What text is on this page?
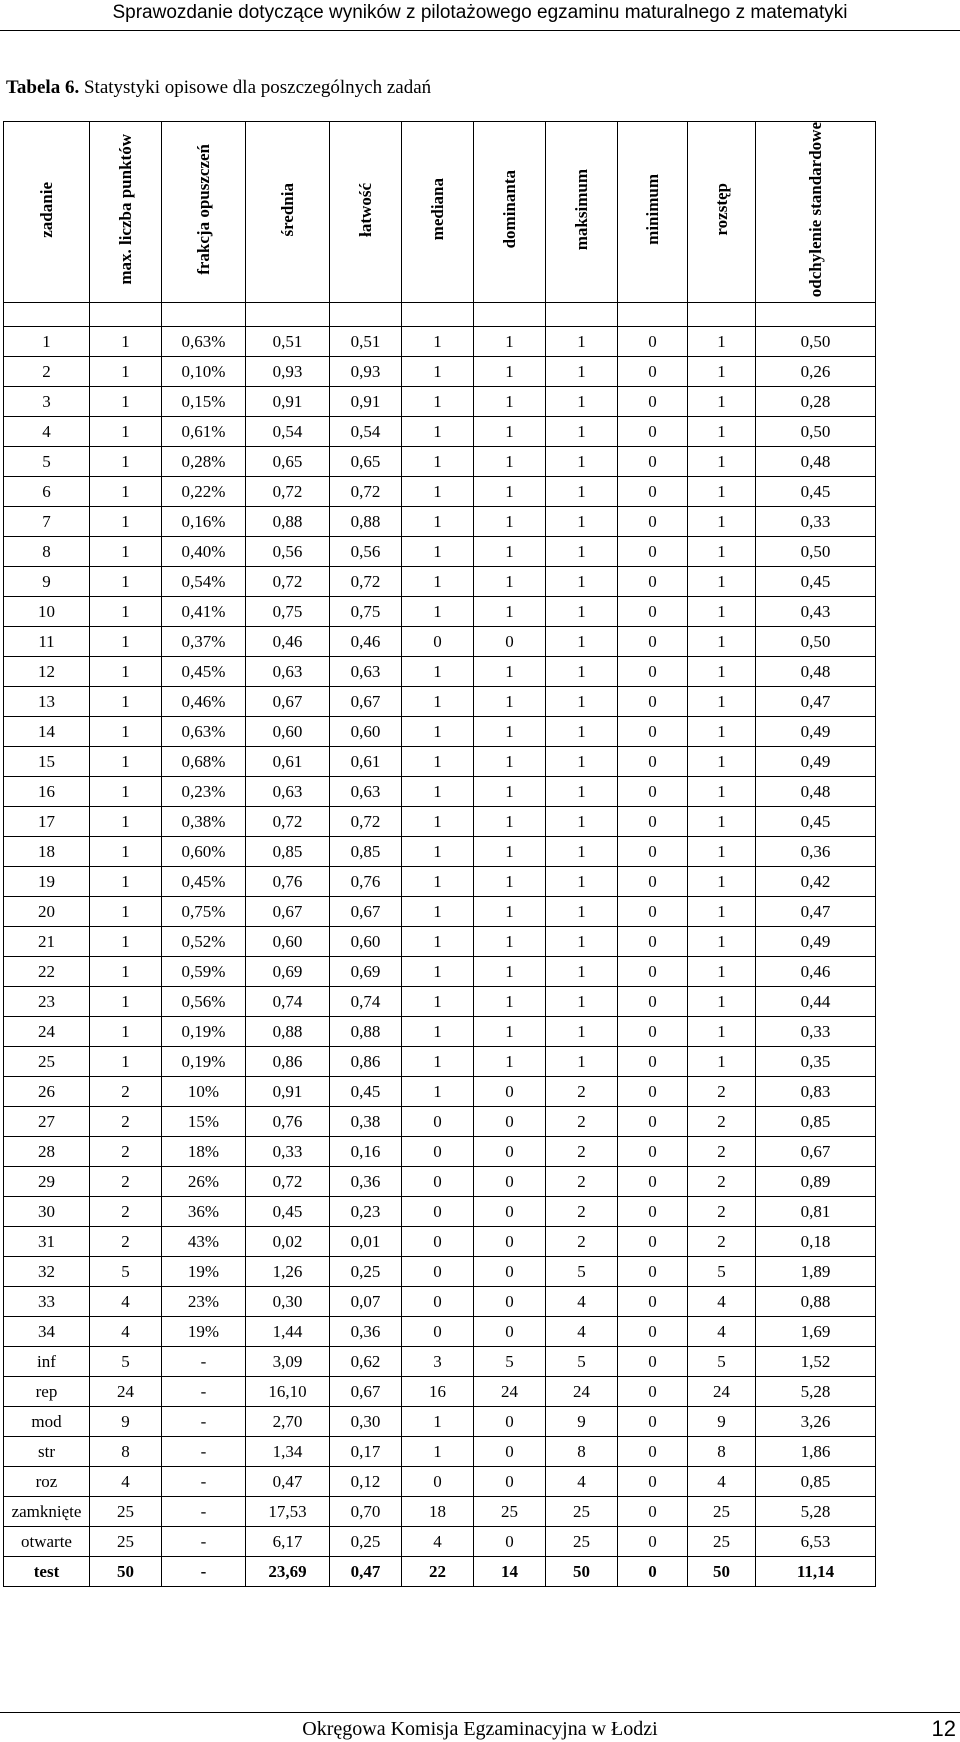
Sprawozdanie dotyczące wyników z pilotażowego egzaminu maturalnego z matematyki
Tabela 6. Statystyki opisowe dla poszczególnych zadań
zadanie	max. liczba punktów	frakcja opuszczeń	średnia	łatwość	mediana	dominanta	maksimum	minimum	rozstęp	odchylenie standardowe

1	1	0,63%	0,51	0,51	1	1	1	0	1	0,50
2	1	0,10%	0,93	0,93	1	1	1	0	1	0,26
3	1	0,15%	0,91	0,91	1	1	1	0	1	0,28
4	1	0,61%	0,54	0,54	1	1	1	0	1	0,50
5	1	0,28%	0,65	0,65	1	1	1	0	1	0,48
6	1	0,22%	0,72	0,72	1	1	1	0	1	0,45
7	1	0,16%	0,88	0,88	1	1	1	0	1	0,33
8	1	0,40%	0,56	0,56	1	1	1	0	1	0,50
9	1	0,54%	0,72	0,72	1	1	1	0	1	0,45
10	1	0,41%	0,75	0,75	1	1	1	0	1	0,43
11	1	0,37%	0,46	0,46	0	0	1	0	1	0,50
12	1	0,45%	0,63	0,63	1	1	1	0	1	0,48
13	1	0,46%	0,67	0,67	1	1	1	0	1	0,47
14	1	0,63%	0,60	0,60	1	1	1	0	1	0,49
15	1	0,68%	0,61	0,61	1	1	1	0	1	0,49
16	1	0,23%	0,63	0,63	1	1	1	0	1	0,48
17	1	0,38%	0,72	0,72	1	1	1	0	1	0,45
18	1	0,60%	0,85	0,85	1	1	1	0	1	0,36
19	1	0,45%	0,76	0,76	1	1	1	0	1	0,42
20	1	0,75%	0,67	0,67	1	1	1	0	1	0,47
21	1	0,52%	0,60	0,60	1	1	1	0	1	0,49
22	1	0,59%	0,69	0,69	1	1	1	0	1	0,46
23	1	0,56%	0,74	0,74	1	1	1	0	1	0,44
24	1	0,19%	0,88	0,88	1	1	1	0	1	0,33
25	1	0,19%	0,86	0,86	1	1	1	0	1	0,35
26	2	10%	0,91	0,45	1	0	2	0	2	0,83
27	2	15%	0,76	0,38	0	0	2	0	2	0,85
28	2	18%	0,33	0,16	0	0	2	0	2	0,67
29	2	26%	0,72	0,36	0	0	2	0	2	0,89
30	2	36%	0,45	0,23	0	0	2	0	2	0,81
31	2	43%	0,02	0,01	0	0	2	0	2	0,18
32	5	19%	1,26	0,25	0	0	5	0	5	1,89
33	4	23%	0,30	0,07	0	0	4	0	4	0,88
34	4	19%	1,44	0,36	0	0	4	0	4	1,69
inf	5	-	3,09	0,62	3	5	5	0	5	1,52
rep	24	-	16,10	0,67	16	24	24	0	24	5,28
mod	9	-	2,70	0,30	1	0	9	0	9	3,26
str	8	-	1,34	0,17	1	0	8	0	8	1,86
roz	4	-	0,47	0,12	0	0	4	0	4	0,85
zamknięte	25	-	17,53	0,70	18	25	25	0	25	5,28
otwarte	25	-	6,17	0,25	4	0	25	0	25	6,53
test	50	-	23,69	0,47	22	14	50	0	50	11,14
Okręgowa Komisja Egzaminacyjna w Łodzi	12
